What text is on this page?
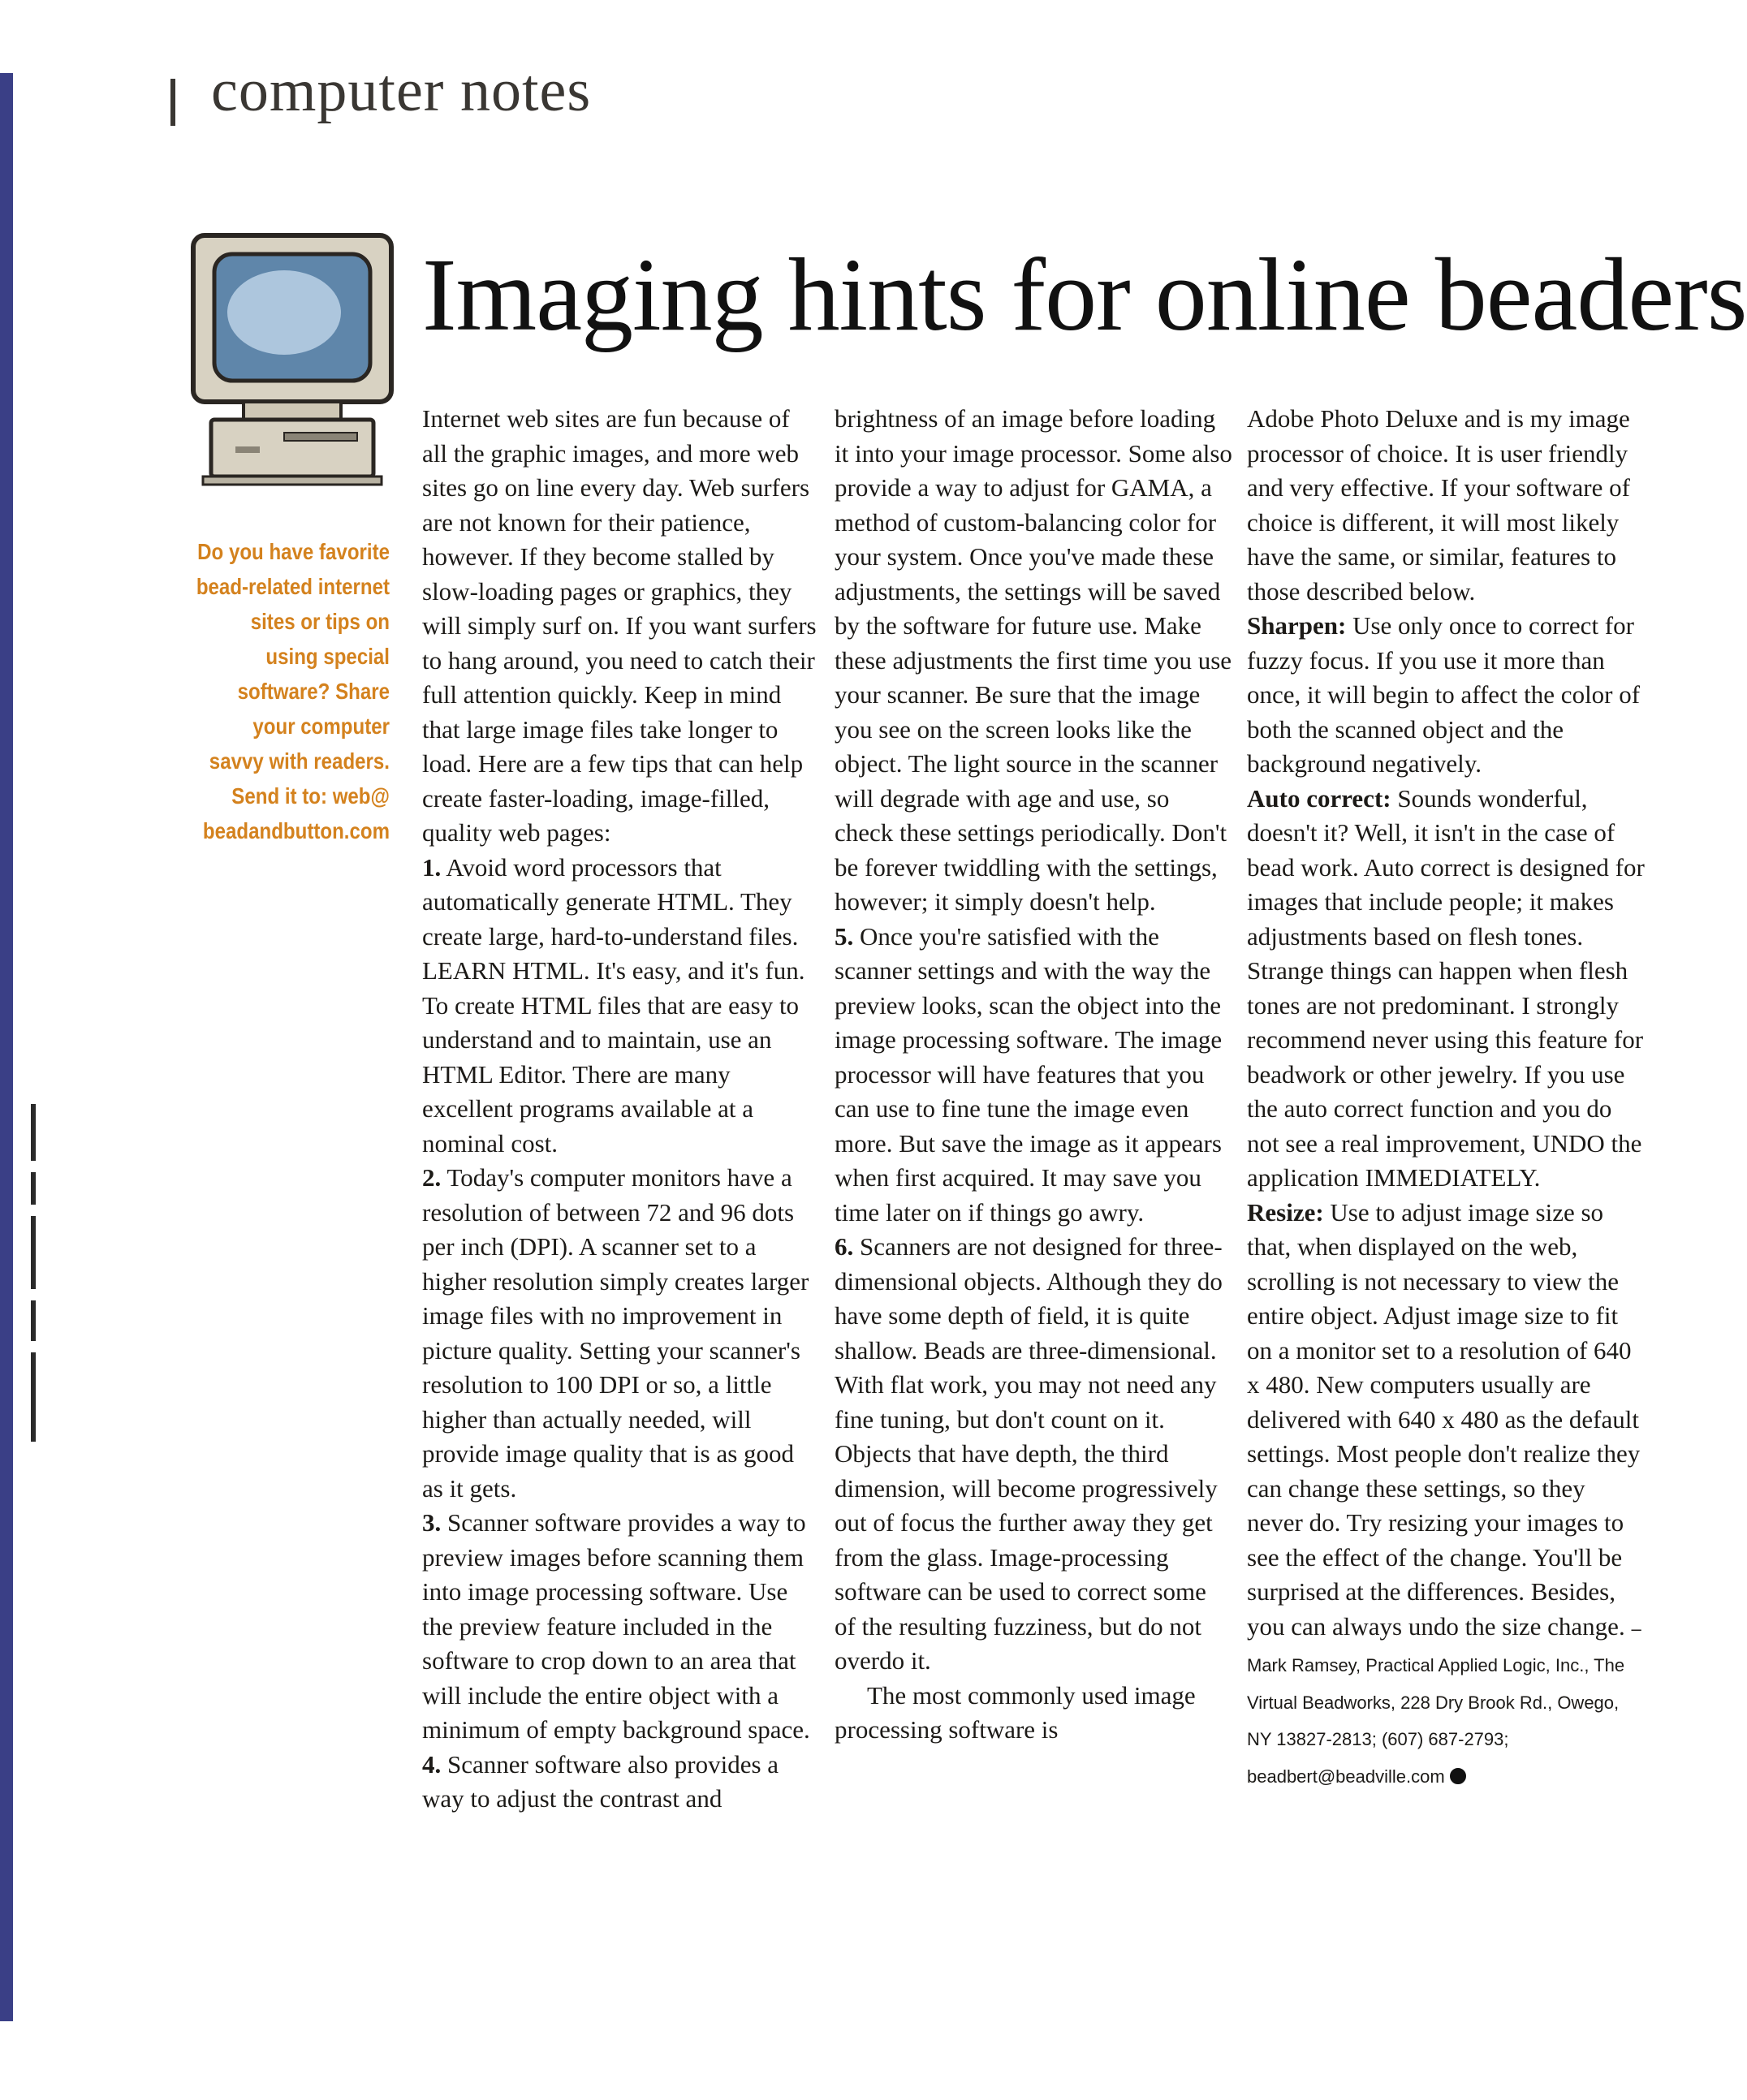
computer notes
Imaging hints for online beaders
Do you have favorite bead-related internet sites or tips on using special software? Share your computer savvy with readers. Send it to: web@ beadandbutton.com

Internet web sites are fun because of all the graphic images, and more web sites go on line every day. Web surfers are not known for their patience, however. If they become stalled by slow-loading pages or graphics, they will simply surf on. If you want surfers to hang around, you need to catch their full attention quickly. Keep in mind that large image files take longer to load. Here are a few tips that can help create faster-loading, image-filled, quality web pages:

1. Avoid word processors that automatically generate HTML. They create large, hard-to-understand files. LEARN HTML. It's easy, and it's fun. To create HTML files that are easy to understand and to maintain, use an HTML Editor. There are many excellent programs available at a nominal cost.

2. Today's computer monitors have a resolution of between 72 and 96 dots per inch (DPI). A scanner set to a higher resolution simply creates larger image files with no improvement in picture quality. Setting your scanner's resolution to 100 DPI or so, a little higher than actually needed, will provide image quality that is as good as it gets.

3. Scanner software provides a way to preview images before scanning them into image processing software. Use the preview feature included in the software to crop down to an area that will include the entire object with a minimum of empty background space.

4. Scanner software also provides a way to adjust the contrast and

brightness of an image before loading it into your image processor. Some also provide a way to adjust for GAMA, a method of custom-balancing color for your system. Once you've made these adjustments, the settings will be saved by the software for future use. Make these adjustments the first time you use your scanner. Be sure that the image you see on the screen looks like the object. The light source in the scanner will degrade with age and use, so check these settings periodically. Don't be forever twiddling with the settings, however; it simply doesn't help.

5. Once you're satisfied with the scanner settings and with the way the preview looks, scan the object into the image processing software. The image processor will have features that you can use to fine tune the image even more. But save the image as it appears when first acquired. It may save you time later on if things go awry.

6. Scanners are not designed for three-dimensional objects. Although they do have some depth of field, it is quite shallow. Beads are three-dimensional. With flat work, you may not need any fine tuning, but don't count on it. Objects that have depth, the third dimension, will become progressively out of focus the further away they get from the glass. Image-processing software can be used to correct some of the resulting fuzziness, but do not overdo it.

The most commonly used image processing software is

Adobe Photo Deluxe and is my image processor of choice. It is user friendly and very effective. If your software of choice is different, it will most likely have the same, or similar, features to those described below.

Sharpen: Use only once to correct for fuzzy focus. If you use it more than once, it will begin to affect the color of both the scanned object and the background negatively.

Auto correct: Sounds wonderful, doesn't it? Well, it isn't in the case of bead work. Auto correct is designed for images that include people; it makes adjustments based on flesh tones. Strange things can happen when flesh tones are not predominant. I strongly recommend never using this feature for beadwork or other jewelry. If you use the auto correct function and you do not see a real improvement, UNDO the application IMMEDIATELY.

Resize: Use to adjust image size so that, when displayed on the web, scrolling is not necessary to view the entire object. Adjust image size to fit on a monitor set to a resolution of 640 x 480. New computers usually are delivered with 640 x 480 as the default settings. Most people don't realize they can change these settings, so they never do. Try resizing your images to see the effect of the change. You'll be surprised at the differences. Besides, you can always undo the size change. – Mark Ramsey, Practical Applied Logic, Inc., The Virtual Beadworks, 228 Dry Brook Rd., Owego, NY 13827-2813; (607) 687-2793; beadbert@beadville.com
